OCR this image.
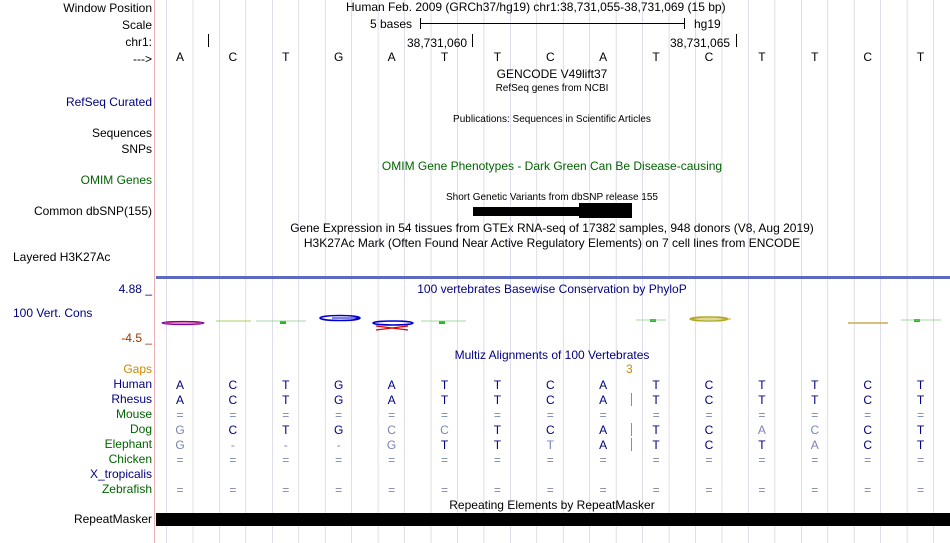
Window Position
Scale
chr1:
--->
Human Feb. 2009 (GRCh37/hg19) chr1:38,731,055-38,731,069 (15 bp)
5 bases	hg19
38,731,060	38,731,065
A	C	T	G	A	T	T	C	A	T	C	T	T	C	T
GENCODE V49lift37
RefSeq genes from NCBI
RefSeq Curated
Publications: Sequences in Scientific Articles
Sequences
SNPs
OMIM Gene Phenotypes - Dark Green Can Be Disease-causing
OMIM Genes
Short Genetic Variants from dbSNP release 155
Common dbSNP(155)
Gene Expression in 54 tissues from GTEx RNA-seq of 17382 samples, 948 donors (V8, Aug 2019)
H3K27Ac Mark (Often Found Near Active Regulatory Elements) on 7 cell lines from ENCODE
Layered H3K27Ac
4.88 _	100 vertebrates Basewise Conservation by PhyloP
100 Vert. Cons
-4.5 _
Multiz Alignments of 100 Vertebrates
Gaps	3
Human A	C	T	G	A	T	T	C	A	T	C	T	T	C	T
Rhesus A	C	T	G	A	T	T	C	A	T	C	T	T	C	T
Mouse =	=	=	=	=	=	=	=	=	=	=	=	=	=	=
Dog G	C	T	G	C	C	T	C	A	T	C	A	C	C	T
Elephant G	-	-	-	G	T	T	T	A	T	C	T	A	C	T
Chicken =	=	=	=	=	=	=	=	=	=	=	=	=	=	=
X_tropicalis
Zebrafish =	=	=	=	=	=	=	=	=	=	=	=	=	=	=
Repeating Elements by RepeatMasker
RepeatMasker
